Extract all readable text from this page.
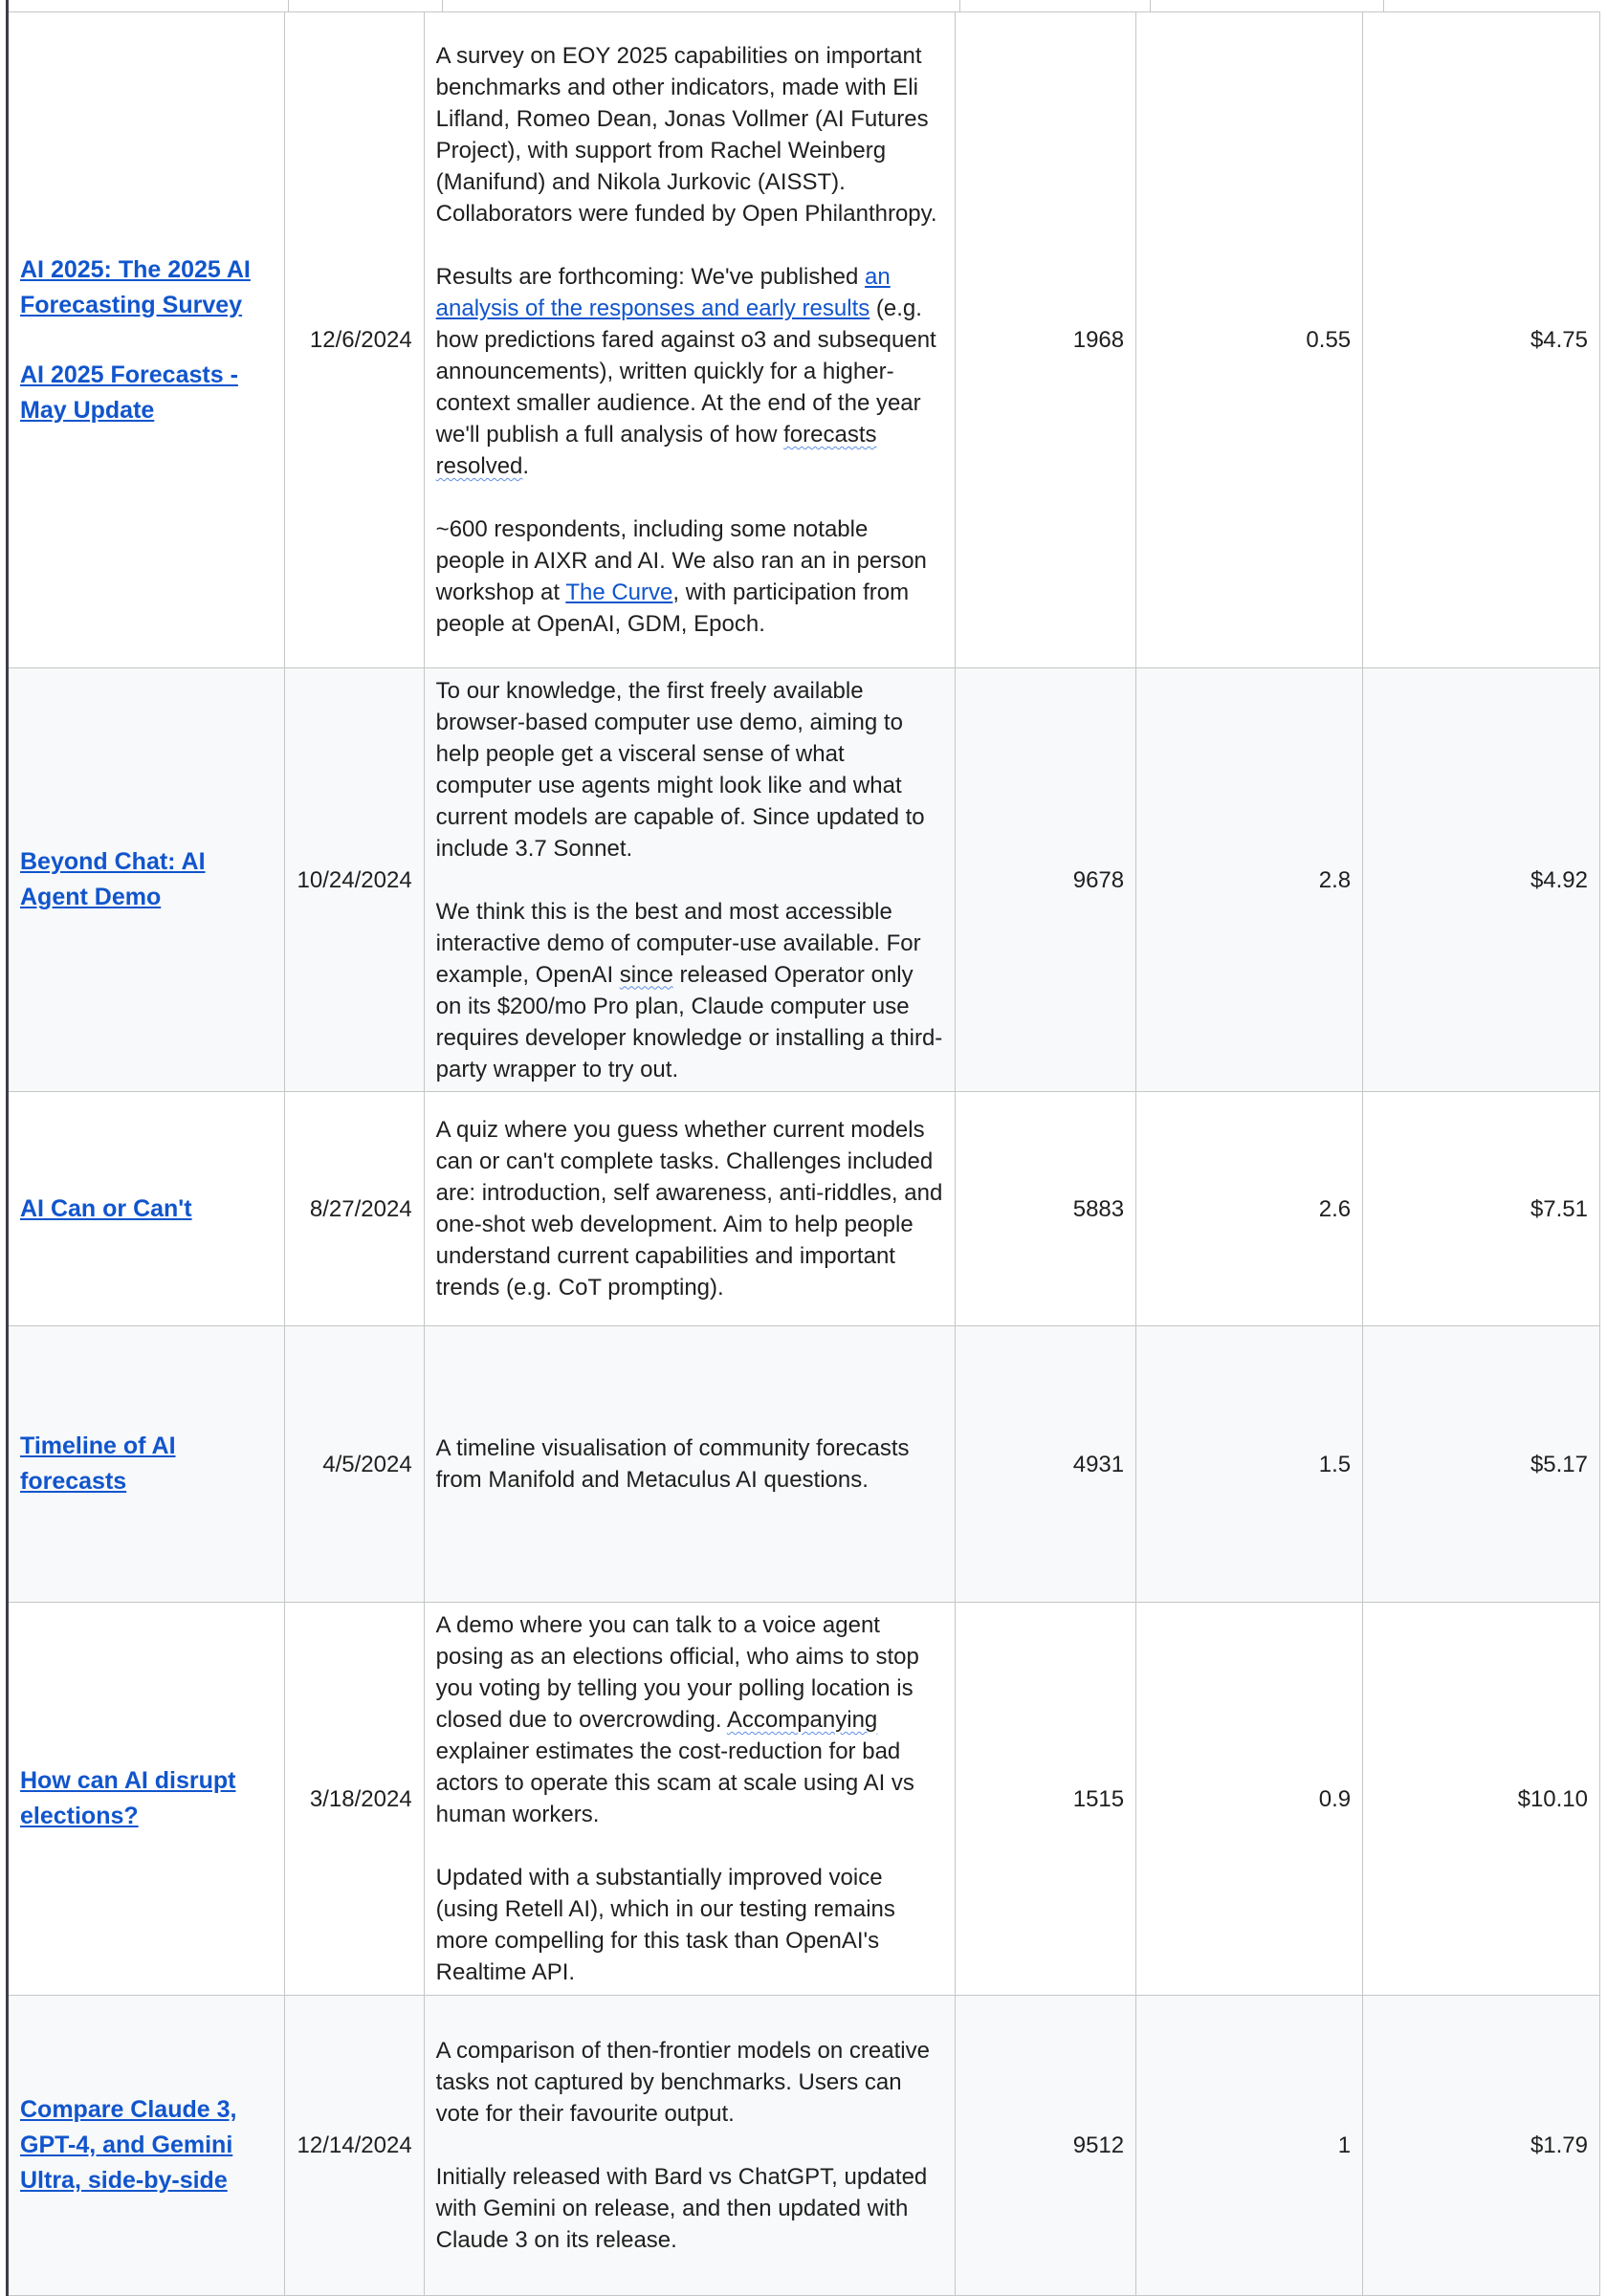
AI 2025: The 2025 AI Forecasting Survey
AI 2025 Forecasts - May Update	12/6/2024	A survey on EOY 2025 capabilities on important benchmarks and other indicators, made with Eli Lifland, Romeo Dean, Jonas Vollmer (AI Futures Project), with support from Rachel Weinberg (Manifund) and Nikola Jurkovic (AISST). Collaborators were funded by Open Philanthropy.
Results are forthcoming: We've published an analysis of the responses and early results (e.g. how predictions fared against o3 and subsequent announcements), written quickly for a higher-context smaller audience. At the end of the year we'll publish a full analysis of how forecasts resolved.
~600 respondents, including some notable people in AIXR and AI. We also ran an in person workshop at The Curve, with participation from people at OpenAI, GDM, Epoch.	1968	0.55	$4.75

Beyond Chat: AI Agent Demo	10/24/2024	To our knowledge, the first freely available browser-based computer use demo, aiming to help people get a visceral sense of what computer use agents might look like and what current models are capable of. Since updated to include 3.7 Sonnet.
We think this is the best and most accessible interactive demo of computer-use available. For example, OpenAI since released Operator only on its $200/mo Pro plan, Claude computer use requires developer knowledge or installing a third-party wrapper to try out.	9678	2.8	$4.92

AI Can or Can't	8/27/2024	A quiz where you guess whether current models can or can't complete tasks. Challenges included are: introduction, self awareness, anti-riddles, and one-shot web development. Aim to help people understand current capabilities and important trends (e.g. CoT prompting).	5883	2.6	$7.51

Timeline of AI forecasts	4/5/2024	A timeline visualisation of community forecasts from Manifold and Metaculus AI questions.	4931	1.5	$5.17

How can AI disrupt elections?	3/18/2024	A demo where you can talk to a voice agent posing as an elections official, who aims to stop you voting by telling you your polling location is closed due to overcrowding. Accompanying explainer estimates the cost-reduction for bad actors to operate this scam at scale using AI vs human workers.
Updated with a substantially improved voice (using Retell AI), which in our testing remains more compelling for this task than OpenAI's Realtime API.	1515	0.9	$10.10

Compare Claude 3, GPT-4, and Gemini Ultra, side-by-side	12/14/2024	A comparison of then-frontier models on creative tasks not captured by benchmarks. Users can vote for their favourite output.
Initially released with Bard vs ChatGPT, updated with Gemini on release, and then updated with Claude 3 on its release.	9512	1	$1.79
